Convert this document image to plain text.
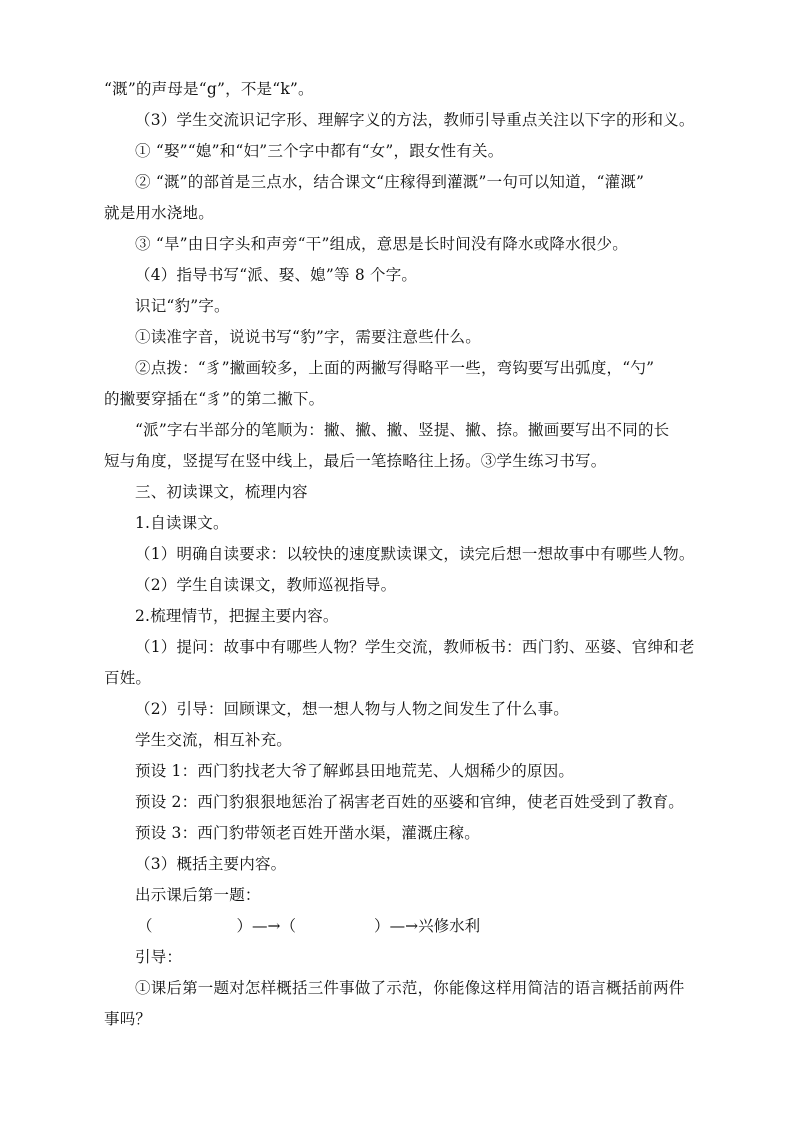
“溉”的声母是“g”，不是“k”。
（3）学生交流识记字形、理解字义的方法，教师引导重点关注以下字的形和义。
① “娶”“媳”和“妇”三个字中都有“女”，跟女性有关。
② “溉”的部首是三点水，结合课文“庄稼得到灌溉”一句可以知道，“灌溉”
就是用水浇地。
③ “旱”由日字头和声旁“干”组成，意思是长时间没有降水或降水很少。
（4）指导书写“派、娶、媳”等 8 个字。
识记“豹”字。
①读准字音，说说书写“豹”字，需要注意些什么。
②点拨：“豸”撇画较多，上面的两撇写得略平一些，弯钩要写出弧度，“勺”
的撇要穿插在“豸”的第二撇下。
“派”字右半部分的笔顺为：撇、撇、撇、竖提、撇、捺。撇画要写出不同的长
短与角度，竖提写在竖中线上，最后一笔捺略往上扬。③学生练习书写。
三、初读课文，梳理内容
1.自读课文。
（1）明确自读要求：以较快的速度默读课文，读完后想一想故事中有哪些人物。
（2）学生自读课文，教师巡视指导。
2.梳理情节，把握主要内容。
（1）提问：故事中有哪些人物？学生交流，教师板书：西门豹、巫婆、官绅和老
百姓。
（2）引导：回顾课文，想一想人物与人物之间发生了什么事。
学生交流，相互补充。
预设 1：西门豹找老大爷了解邺县田地荒芜、人烟稀少的原因。
预设 2：西门豹狠狠地惩治了祸害老百姓的巫婆和官绅，使老百姓受到了教育。
预设 3：西门豹带领老百姓开凿水渠，灌溉庄稼。
（3）概括主要内容。
出示课后第一题：
（	）—→（	）—→兴修水利
引导：
①课后第一题对怎样概括三件事做了示范，你能像这样用简洁的语言概括前两件
事吗？
